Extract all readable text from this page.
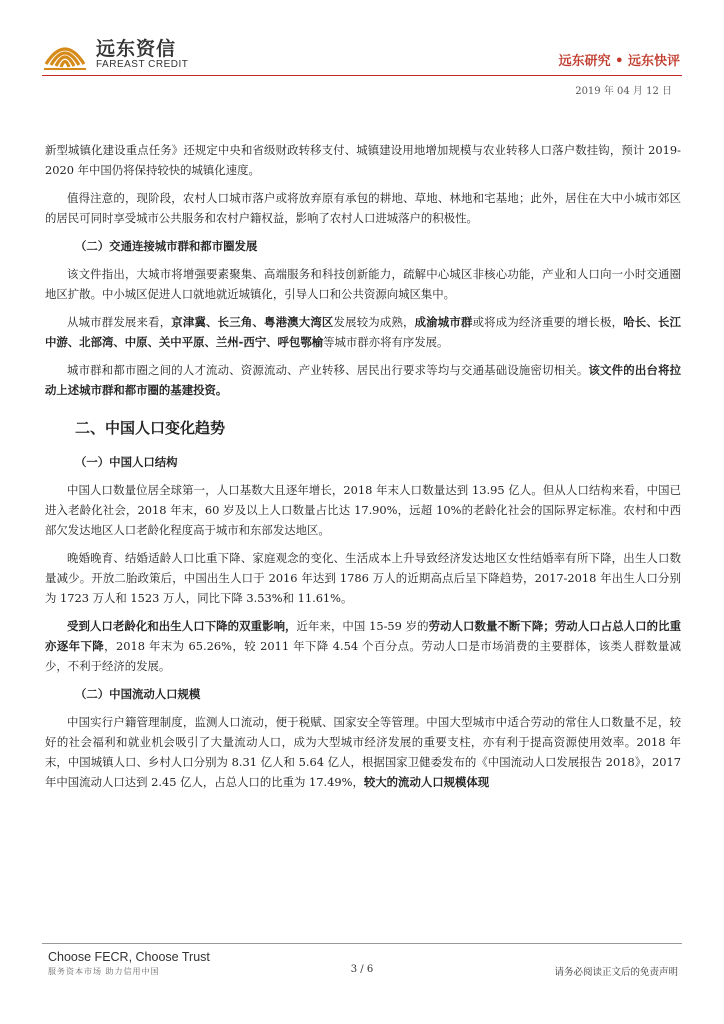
远东资信
FAREAST CREDIT	远东研究 • 远东快评
2019 年 04 月 12 日

新型城镇化建设重点任务》还规定中央和省级财政转移支付、城镇建设用地增加规模与农业转移人口落户数挂钩，预计 2019-2020 年中国仍将保持较快的城镇化速度。

值得注意的，现阶段，农村人口城市落户或将放弃原有承包的耕地、草地、林地和宅基地；此外，居住在大中小城市郊区的居民可同时享受城市公共服务和农村户籍权益，影响了农村人口进城落户的积极性。

（二）交通连接城市群和都市圈发展

该文件指出，大城市将增强要素聚集、高端服务和科技创新能力，疏解中心城区非核心功能，产业和人口向一小时交通圈地区扩散。中小城区促进人口就地就近城镇化，引导人口和公共资源向城区集中。

从城市群发展来看，京津冀、长三角、粤港澳大湾区发展较为成熟，成渝城市群或将成为经济重要的增长极，哈长、长江中游、北部湾、中原、关中平原、兰州-西宁、呼包鄂榆等城市群亦将有序发展。

城市群和都市圈之间的人才流动、资源流动、产业转移、居民出行要求等均与交通基础设施密切相关。该文件的出台将拉动上述城市群和都市圈的基建投资。

二、中国人口变化趋势
（一）中国人口结构

中国人口数量位居全球第一，人口基数大且逐年增长，2018 年末人口数量达到 13.95 亿人。但从人口结构来看，中国已进入老龄化社会，2018 年末，60 岁及以上人口数量占比达 17.90%，远超 10%的老龄化社会的国际界定标准。农村和中西部欠发达地区人口老龄化程度高于城市和东部发达地区。

晚婚晚育、结婚适龄人口比重下降、家庭观念的变化、生活成本上升导致经济发达地区女性结婚率有所下降，出生人口数量减少。开放二胎政策后，中国出生人口于 2016 年达到 1786 万人的近期高点后呈下降趋势，2017-2018 年出生人口分别为 1723 万人和 1523 万人，同比下降 3.53%和 11.61%。

受到人口老龄化和出生人口下降的双重影响，近年来，中国 15-59 岁的劳动人口数量不断下降；劳动人口占总人口的比重亦逐年下降，2018 年末为 65.26%，较 2011 年下降 4.54 个百分点。劳动人口是市场消费的主要群体，该类人群数量减少，不利于经济的发展。

（二）中国流动人口规模

中国实行户籍管理制度，监测人口流动，便于税赋、国家安全等管理。中国大型城市中适合劳动的常住人口数量不足，较好的社会福利和就业机会吸引了大量流动人口，成为大型城市经济发展的重要支柱，亦有利于提高资源使用效率。2018 年末，中国城镇人口、乡村人口分别为 8.31 亿人和 5.64 亿人，根据国家卫健委发布的《中国流动人口发展报告 2018》，2017 年中国流动人口达到 2.45 亿人，占总人口的比重为 17.49%，较大的流动人口规模体现

Choose FECR, Choose Trust
服务资本市场 助力信用中国	3 / 6	请务必阅读正文后的免责声明
